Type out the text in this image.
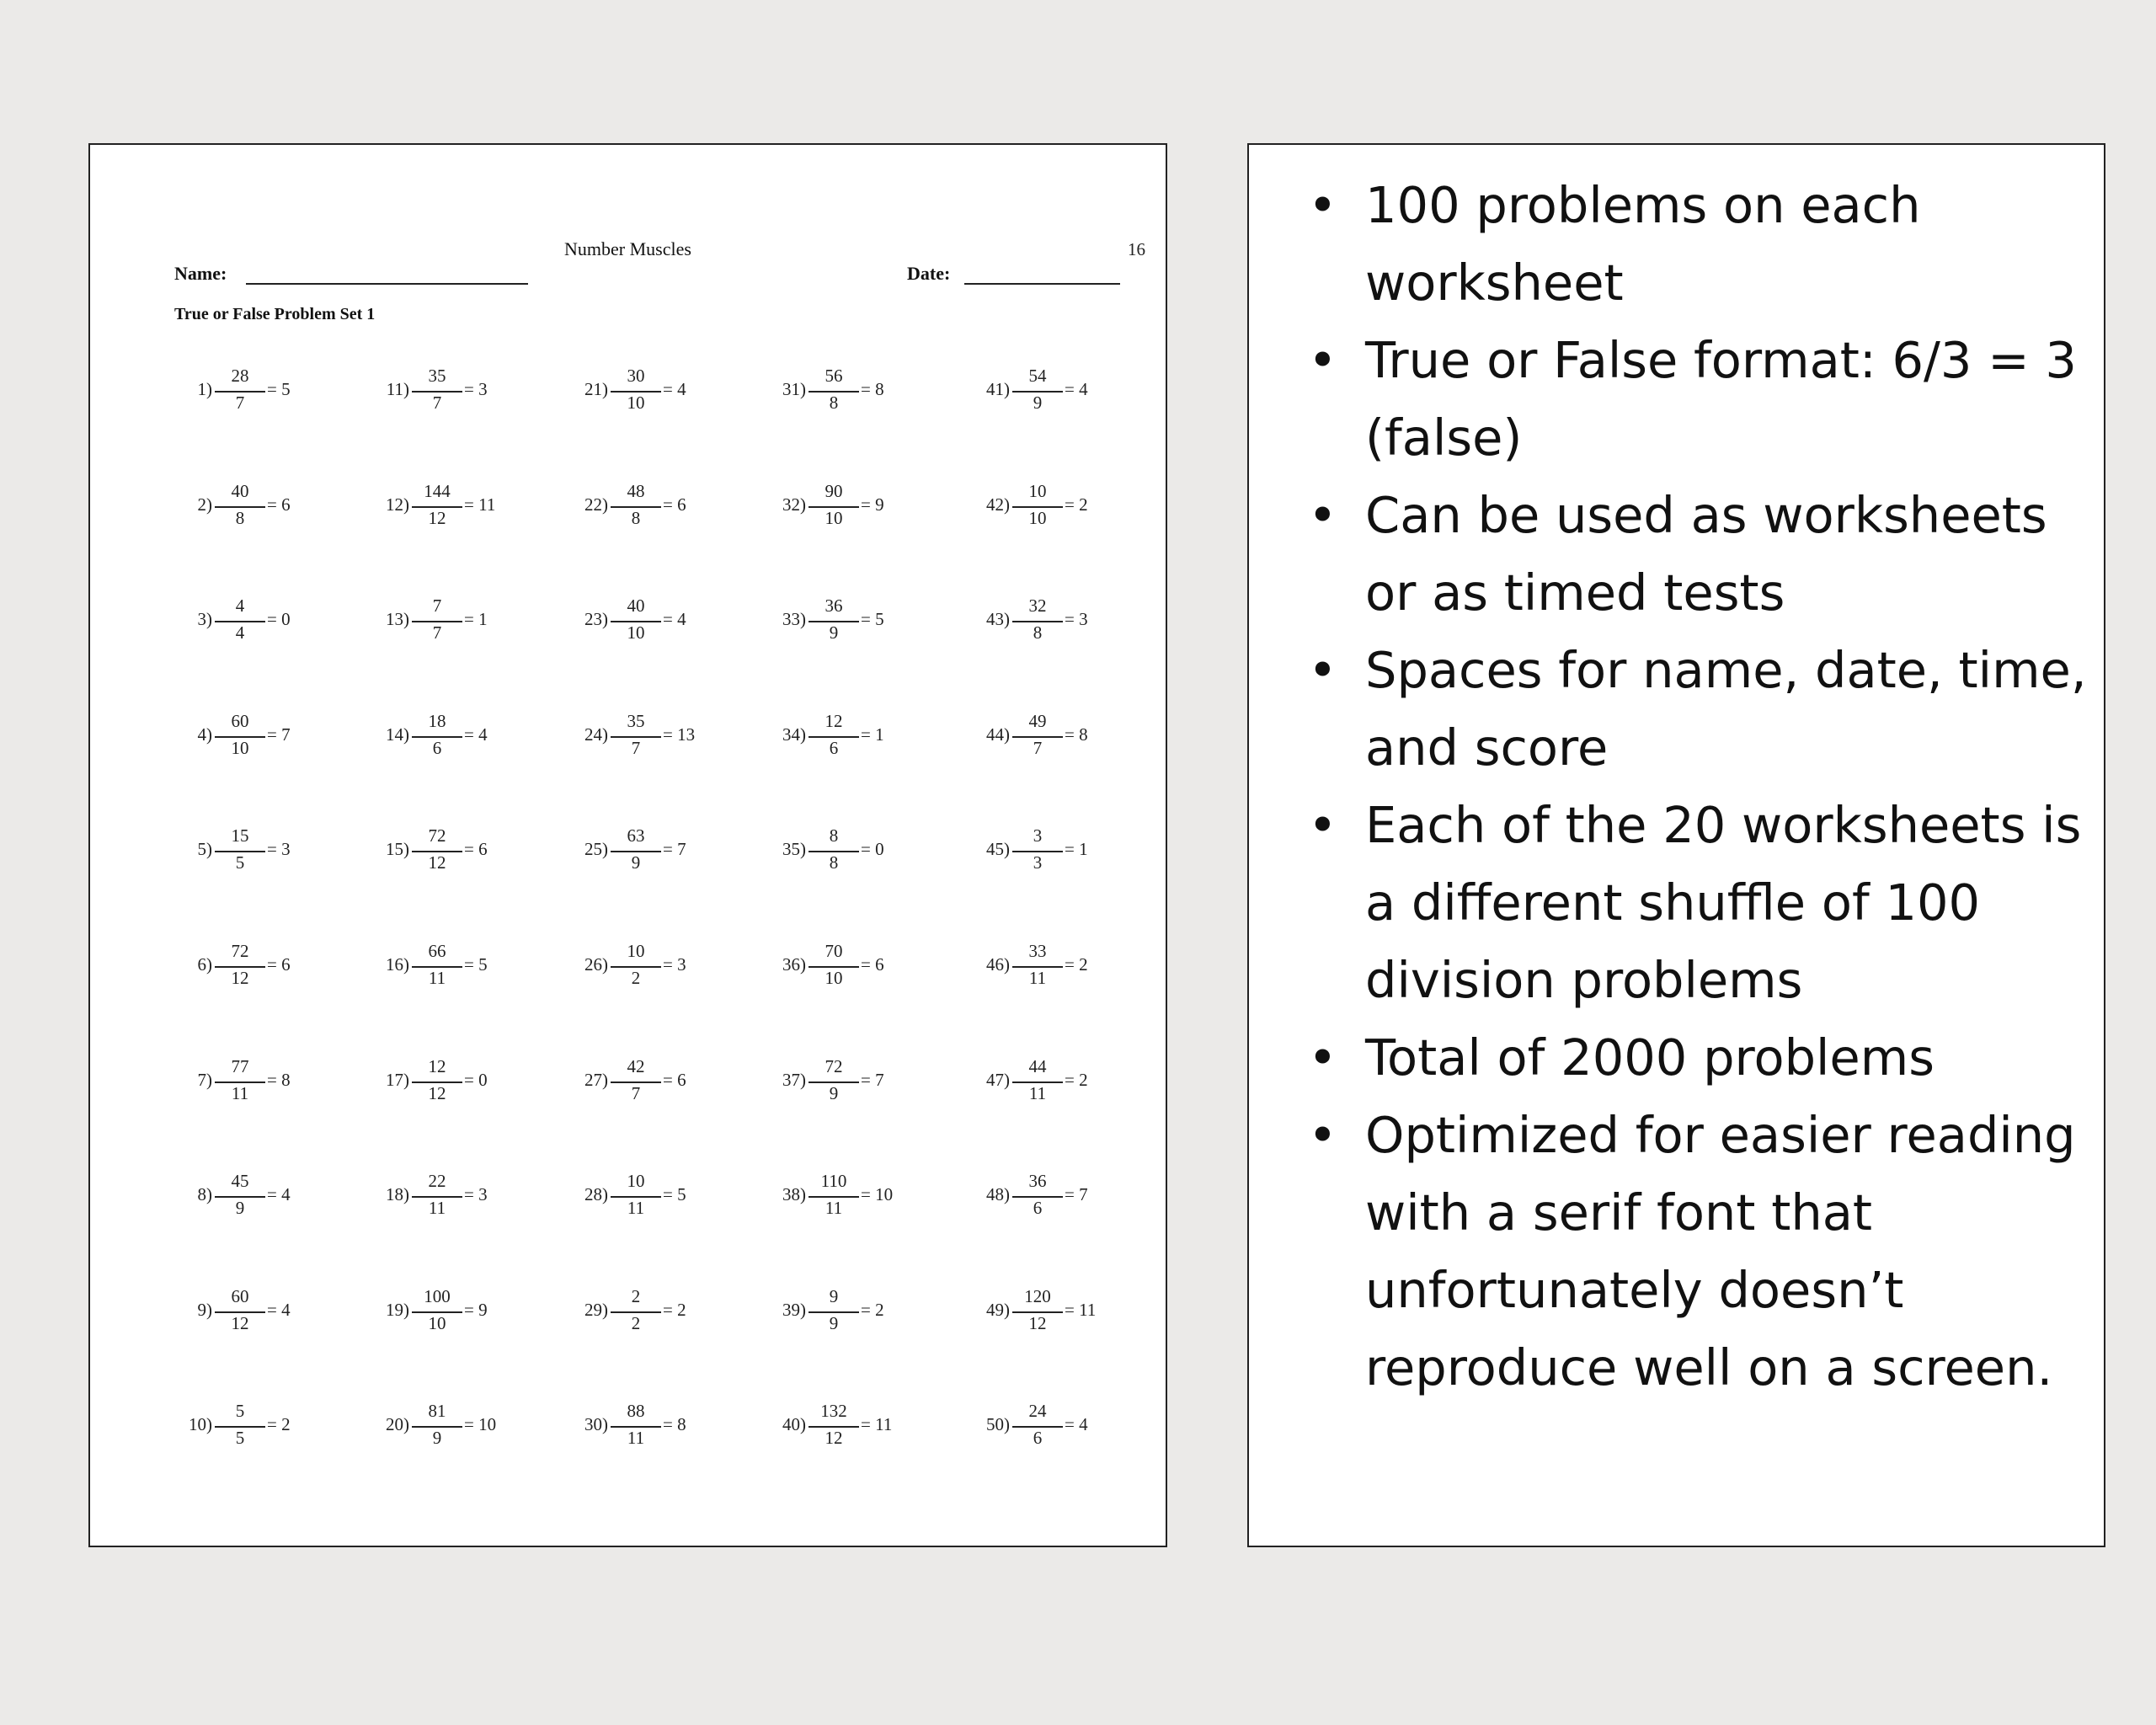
Number Muscles	16
Name:	Date:
True or False Problem Set 1
1)
28
7
= 5
2)
40
8
= 6
3)
4
4
= 0
4)
60
10
= 7
5)
15
5
= 3
6)
72
12
= 6
7)
77
11
= 8
8)
45
9
= 4
9)
60
12
= 4
10)
5
5
= 2
11)
35
7
= 3
12)
144
12
= 11
13)
7
7
= 1
14)
18
6
= 4
15)
72
12
= 6
16)
66
11
= 5
17)
12
12
= 0
18)
22
11
= 3
19)
100
10
= 9
20)
81
9
= 10
21)
30
10
= 4
22)
48
8
= 6
23)
40
10
= 4
24)
35
7
= 13
25)
63
9
= 7
26)
10
2
= 3
27)
42
7
= 6
28)
10
11
= 5
29)
2
2
= 2
30)
88
11
= 8
31)
56
8
= 8
32)
90
10
= 9
33)
36
9
= 5
34)
12
6
= 1
35)
8
8
= 0
36)
70
10
= 6
37)
72
9
= 7
38)
110
11
= 10
39)
9
9
= 2
40)
132
12
= 11
41)
54
9
= 4
42)
10
10
= 2
43)
32
8
= 3
44)
49
7
= 8
45)
3
3
= 1
46)
33
11
= 2
47)
44
11
= 2
48)
36
6
= 7
49)
120
12
= 11
50)
24
6
= 4
• 100 problems on each worksheet
• True or False format: 6/3 = 3 (false)
• Can be used as worksheets or as timed tests
• Spaces for name, date, time, and score
• Each of the 20 worksheets is a different shuffle of 100 division problems
• Total of 2000 problems
• Optimized for easier reading with a serif font that unfortunately doesn’t reproduce well on a screen.
